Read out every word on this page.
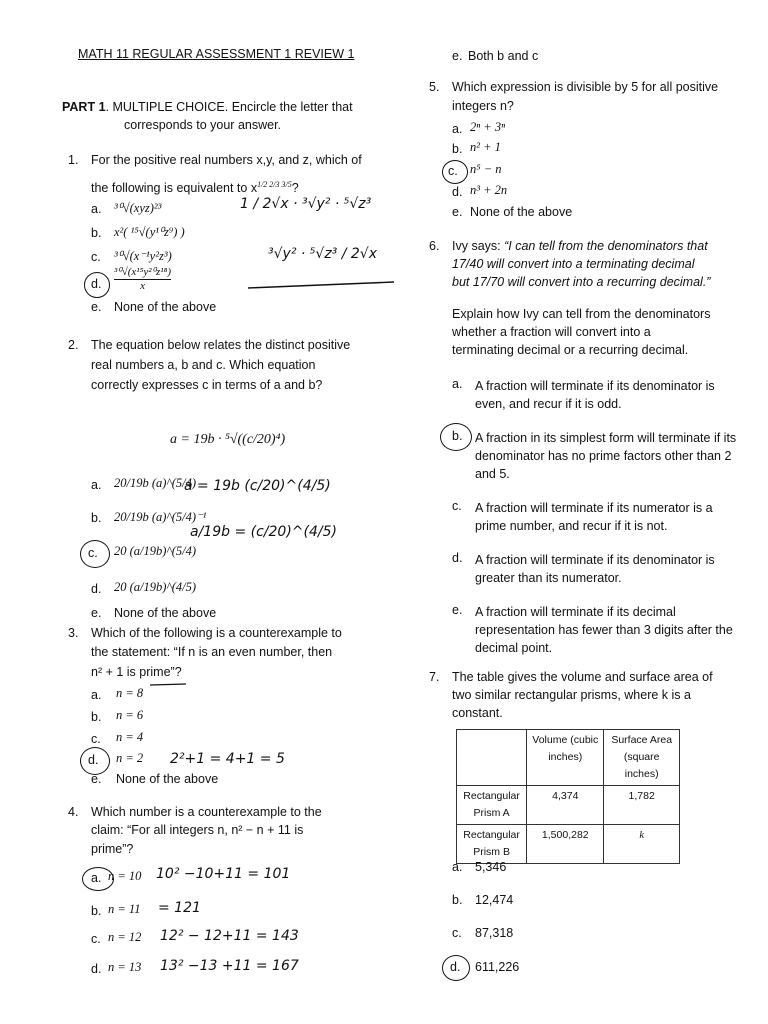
MATH 11 REGULAR ASSESSMENT 1 REVIEW 1
PART 1. MULTIPLE CHOICE. Encircle the letter that
corresponds to your answer.
1. For the positive real numbers x,y, and z, which of
the following is equivalent to $x^{1/2 2/3 3/5}$?
a. ³⁰√(xyz)²³
b. x²( ¹⁵√(y¹⁰z⁹) )
c. ³⁰√(x⁻¹y²z³)
d. $\frac{\text{³⁰√(x¹⁵y²⁰z¹⁸)}}{x}$
e. None of the above
1 / 2√x · ³√y² · ⁵√z³
³√y² · ⁵√z³ / 2√x
2. The equation below relates the distinct positive
real numbers a, b and c. Which equation
correctly expresses c in terms of a and b?
a = 19b · ⁵√((c/20)⁴)
a. 20/19b (a)^(5/4)
b. 20/19b (a)^(5/4)⁻¹
c. 20 (a/19b)^(5/4)
d. 20 (a/19b)^(4/5)
e. None of the above
a = 19b (c/20)^(4/5)
a/19b = (c/20)^(4/5)
3. Which of the following is a counterexample to
the statement: “If n is an even number, then
n² + 1 is prime”?
a. n = 8
b. n = 6
c. n = 4
d. n = 2 2²+1 = 4+1 = 5
e. None of the above
4. Which number is a counterexample to the
claim: “For all integers n, n² − n + 11 is
prime”?
a. n = 10 10² −10+11 = 101
b. n = 11 = 121
c. n = 12 12² − 12+11 = 143
d. n = 13 13² −13 +11 = 167
e. Both b and c
5. Which expression is divisible by 5 for all positive
integers n?
a. 2ⁿ + 3ⁿ
b. n² + 1
c. n⁵ − n
d. n³ + 2n
e. None of the above
6. Ivy says: “I can tell from the denominators that
17/40 will convert into a terminating decimal
but 17/70 will convert into a recurring decimal.”
Explain how Ivy can tell from the denominators
whether a fraction will convert into a
terminating decimal or a recurring decimal.
a. A fraction will terminate if its denominator is even, and recur if it is odd.
b. A fraction in its simplest form will terminate if its denominator has no prime factors other than 2 and 5.
c. A fraction will terminate if its numerator is a prime number, and recur if it is not.
d. A fraction will terminate if its denominator is greater than its numerator.
e. A fraction will terminate if its decimal representation has fewer than 3 digits after the decimal point.
7. The table gives the volume and surface area of
two similar rectangular prisms, where k is a
constant.
	Volume (cubic inches)	Surface Area (square inches)
Rectangular Prism A	4,374	1,782
Rectangular Prism B	1,500,282	k
a. 5,346
b. 12,474
c. 87,318
d. 611,226
